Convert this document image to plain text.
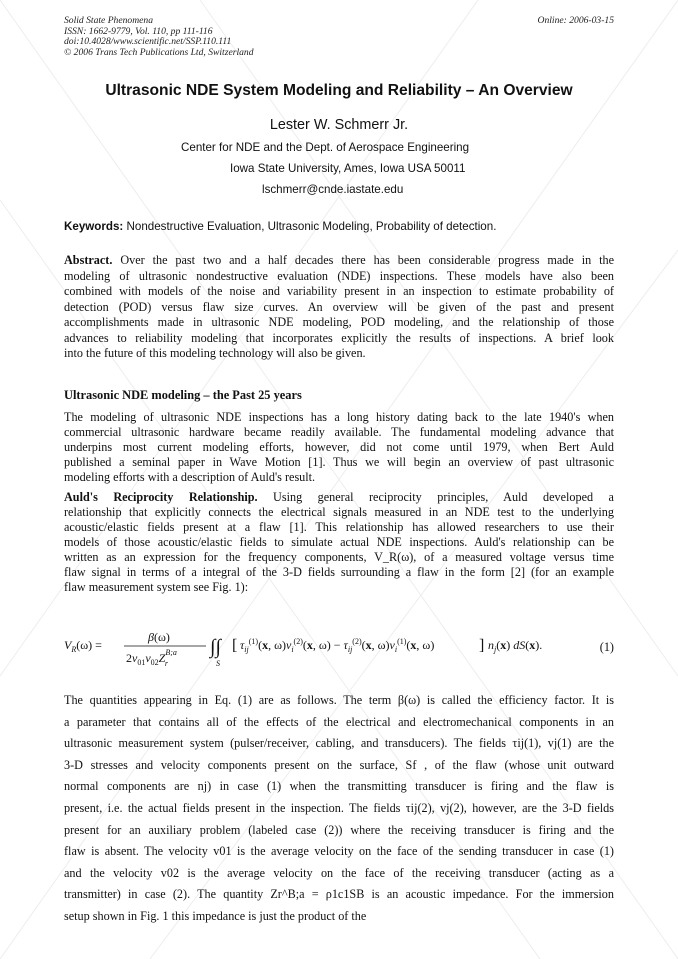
Solid State Phenomena
ISSN: 1662-9779, Vol. 110, pp 111-116
doi:10.4028/www.scientific.net/SSP.110.111
© 2006 Trans Tech Publications Ltd, Switzerland
Online: 2006-03-15
Ultrasonic NDE System Modeling and Reliability – An Overview
Lester W. Schmerr Jr.
Center for NDE and the Dept. of Aerospace Engineering
Iowa State University, Ames, Iowa USA 50011
lschmerr@cnde.iastate.edu
Keywords: Nondestructive Evaluation, Ultrasonic Modeling, Probability of detection.
Abstract. Over the past two and a half decades there has been considerable progress made in the
modeling of ultrasonic nondestructive evaluation (NDE) inspections. These models have also been
combined with models of the noise and variability present in an inspection to estimate probability of
detection (POD) versus flaw size curves. An overview will be given of the past and present
accomplishments made in ultrasonic NDE modeling, POD modeling, and the relationship of those
advances to reliability modeling that incorporates explicitly the results of inspections. A brief look
into the future of this modeling technology will also be given.
Ultrasonic NDE modeling – the Past 25 years
The modeling of ultrasonic NDE inspections has a long history dating back to the late 1940's when
commercial ultrasonic hardware became readily available. The fundamental modeling advance that
underpins most current modeling efforts, however, did not come until 1979, when Bert Auld
published a seminal paper in Wave Motion [1]. Thus we will begin an overview of past ultrasonic
modeling efforts with a description of Auld's result.
Auld's Reciprocity Relationship. Using general reciprocity principles, Auld developed a
relationship that explicitly connects the electrical signals measured in an NDE test to the underlying
acoustic/elastic fields present at a flaw [1]. This relationship has allowed researchers to use their
models of those acoustic/elastic fields to simulate actual NDE inspections. Auld's relationship can be
written as an expression for the frequency components, V_R(ω), of a measured voltage versus time
flaw signal in terms of a integral of the 3-D fields surrounding a flaw in the form [2] (for an example
flaw measurement system see Fig. 1):
$V_R(\omega)$ =
β(ω)
$2v_{01}v_{02}Z^{B;a}$ r
∫∫
S
[ $\tau_{ij}^{(1)}(x$, $\omega)v_i^{(2)}(x$, $\omega) - \tau_{ij}^{(2)}(x$, $\omega)v_i^{(1)}(x$, ω)	] $n_j(x)$ dS(x).	(1)
The quantities appearing in Eq. (1) are as follows. The term β(ω) is called the efficiency factor. It is
a parameter that contains all of the effects of the electrical and electromechanical components in an
ultrasonic measurement system (pulser/receiver, cabling, and transducers). The fields τij(1), vj(1) are the
3-D stresses and velocity components present on the surface, Sf , of the flaw (whose unit outward
normal components are nj) in case (1) when the transmitting transducer is firing and the flaw is
present, i.e. the actual fields present in the inspection. The fields τij(2), vj(2), however, are the 3-D fields
present for an auxiliary problem (labeled case (2)) where the receiving transducer is firing and the
flaw is absent. The velocity v01 is the average velocity on the face of the sending transducer in case (1)
and the velocity v02 is the average velocity on the face of the receiving transducer (acting as a
transmitter) in case (2). The quantity Zr^B;a = ρ1c1SB is an acoustic impedance. For the immersion
setup shown in Fig. 1 this impedance is just the product of the
